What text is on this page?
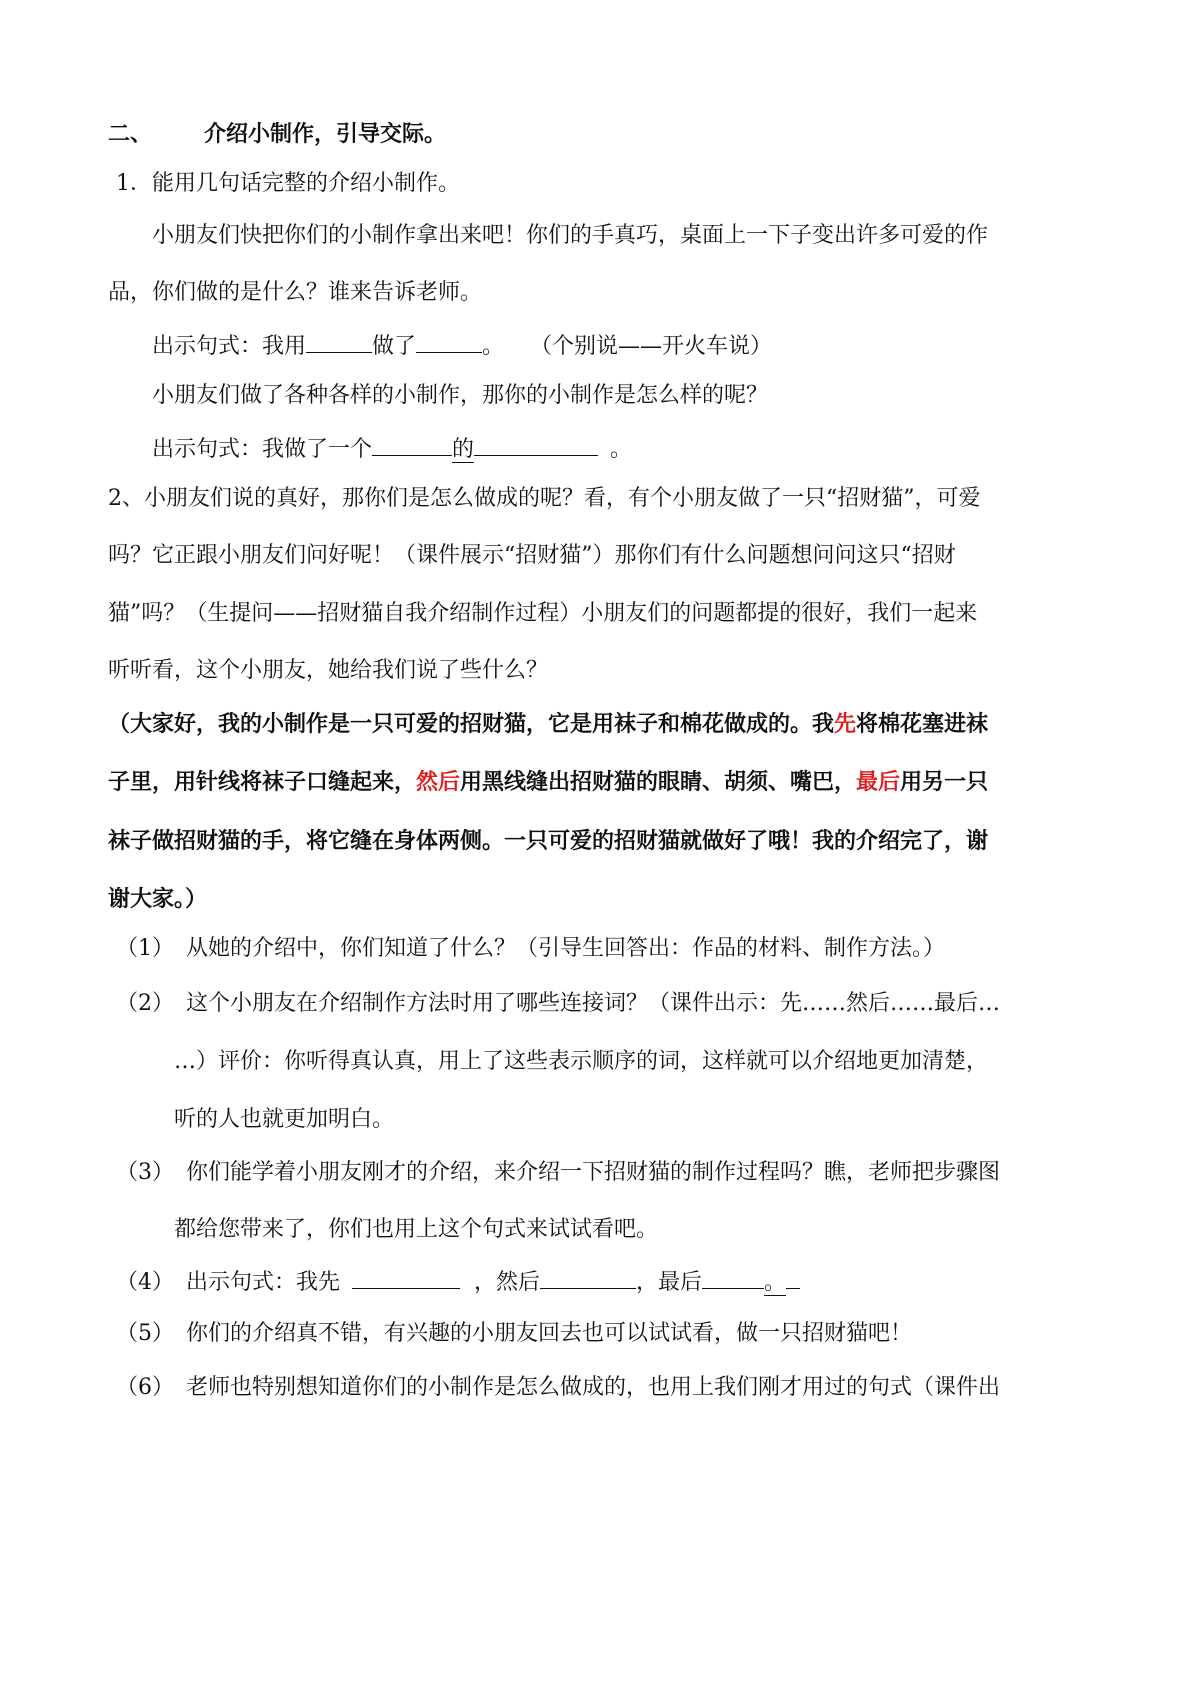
二、 介绍小制作，引导交际。
1．能用几句话完整的介绍小制作。
小朋友们快把你们的小制作拿出来吧！你们的手真巧，桌面上一下子变出许多可爱的作
品，你们做的是什么？谁来告诉老师。
出示句式：我用	做了	。 （个别说——开火车说）
小朋友们做了各种各样的小制作，那你的小制作是怎么样的呢？
出示句式：我做了一个	的	。
2、小朋友们说的真好，那你们是怎么做成的呢？看，有个小朋友做了一只“招财猫”，可爱
吗？它正跟小朋友们问好呢！（课件展示“招财猫”）那你们有什么问题想问问这只“招财
猫”吗？（生提问——招财猫自我介绍制作过程）小朋友们的问题都提的很好，我们一起来
听听看，这个小朋友，她给我们说了些什么？
（大家好，我的小制作是一只可爱的招财猫，它是用袜子和棉花做成的。我先将棉花塞进袜
子里，用针线将袜子口缝起来，然后用黑线缝出招财猫的眼睛、胡须、嘴巴，最后用另一只
袜子做招财猫的手，将它缝在身体两侧。一只可爱的招财猫就做好了哦！我的介绍完了，谢
谢大家。）
（1） 从她的介绍中，你们知道了什么？（引导生回答出：作品的材料、制作方法。）
（2） 这个小朋友在介绍制作方法时用了哪些连接词？（课件出示：先……然后……最后…
…）评价：你听得真认真，用上了这些表示顺序的词，这样就可以介绍地更加清楚，
听的人也就更加明白。
（3） 你们能学着小朋友刚才的介绍，来介绍一下招财猫的制作过程吗？瞧，老师把步骤图
都给您带来了，你们也用上这个句式来试试看吧。
（4） 出示句式：我先	，然后	，最后	。
（5） 你们的介绍真不错，有兴趣的小朋友回去也可以试试看，做一只招财猫吧！
（6） 老师也特别想知道你们的小制作是怎么做成的，也用上我们刚才用过的句式（课件出
